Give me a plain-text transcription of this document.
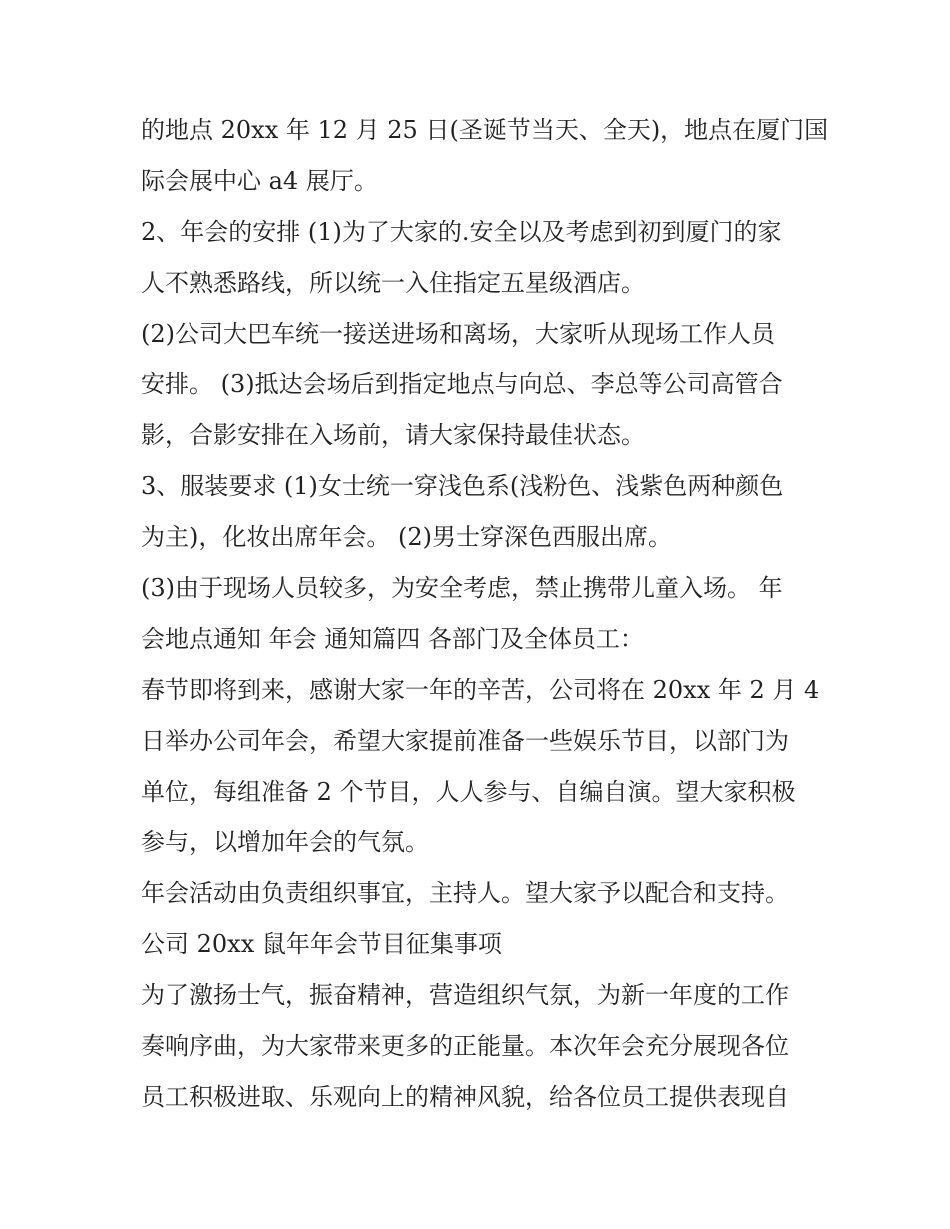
的地点 20xx 年 12 月 25 日(圣诞节当天、全天)，地点在厦门国
际会展中心 a4 展厅。
2、年会的安排 (1)为了大家的.安全以及考虑到初到厦门的家
人不熟悉路线，所以统一入住指定五星级酒店。
(2)公司大巴车统一接送进场和离场，大家听从现场工作人员
安排。 (3)抵达会场后到指定地点与向总、李总等公司高管合
影，合影安排在入场前，请大家保持最佳状态。
3、服装要求 (1)女士统一穿浅色系(浅粉色、浅紫色两种颜色
为主)，化妆出席年会。 (2)男士穿深色西服出席。
(3)由于现场人员较多，为安全考虑，禁止携带儿童入场。 年
会地点通知 年会 通知篇四 各部门及全体员工：
春节即将到来，感谢大家一年的辛苦，公司将在 20xx 年 2 月 4
日举办公司年会，希望大家提前准备一些娱乐节目，以部门为
单位，每组准备 2 个节目，人人参与、自编自演。望大家积极
参与，以增加年会的气氛。
年会活动由负责组织事宜，主持人。望大家予以配合和支持。
公司 20xx 鼠年年会节目征集事项
为了激扬士气，振奋精神，营造组织气氛，为新一年度的工作
奏响序曲，为大家带来更多的正能量。本次年会充分展现各位
员工积极进取、乐观向上的精神风貌，给各位员工提供表现自
